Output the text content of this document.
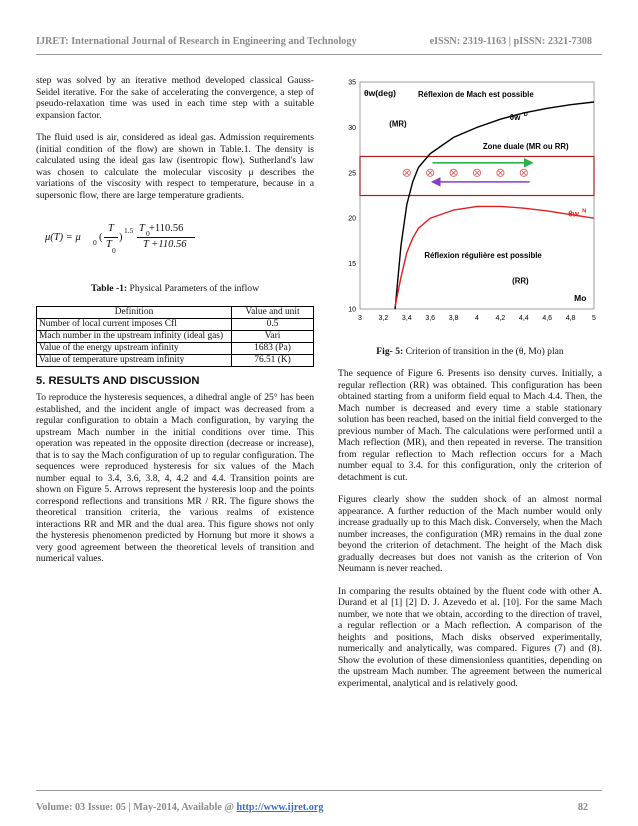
IJRET: International Journal of Research in Engineering and Technology	eISSN: 2319-1163 | pISSN: 2321-7308

step was solved by an iterative method developed classical Gauss-Seidel iterative. For the sake of accelerating the convergence, a step of pseudo-relaxation time was used in each time step with a suitable expansion factor.

The fluid used is air, considered as ideal gas. Admission requirements (initial condition of the flow) are shown in Table.1. The density is calculated using the ideal gas law (isentropic flow). Sutherland's law was chosen to calculate the molecular viscosity μ describes the variations of the viscosity with respect to temperature, because in a supersonic flow, there are large temperature gradients.

μ(T) = μ 0 (
T
T
0
)
1.5 T 0 +110.56
T +110.56
Table -1: Physical Parameters of the inflow
Definition	Value and unit
Number of local current imposes Cfl	0.5
Mach number in the upstream infinity (ideal gas)	Vari
Value of the energy upstream infinity	1683 (Pa)
Value of temperature upstream infinity	76.51 (K)
5. RESULTS AND DISCUSSION

To reproduce the hysteresis sequences, a dihedral angle of 25° has been established, and the incident angle of impact was decreased from a regular configuration to obtain a Mach configuration, by varying the upstream Mach number in the initial conditions over time. This operation was repeated in the opposite direction (decrease or increase), that is to say the Mach configuration of up to regular configuration. The sequences were reproduced hysteresis for six values of the Mach number equal to 3.4, 3.6, 3.8, 4, 4.2 and 4.4. Transition points are shown on Figure 5. Arrows represent the hysteresis loop and the points correspond reflections and transitions MR / RR. The figure shows the theoretical transition criteria, the various realms of existence interactions RR and MR and the dual area. This figure shows not only the hysteresis phenomenon predicted by Hornung but more it shows a very good agreement between the theoretical levels of transition and numerical values.

3 3,2 3,4 3,6 3,8 4 4,2 4,4 4,6 4,8 5
10
15
20
25
30
35
θw(deg)	Réflexion de Mach est possible
(MR)
θw D
Zone duale (MR ou RR)
θw N
Réflexion régulière est possible
(RR)
Mo
Fig- 5: Criterion of transition in the (θ, Mo) plan

The sequence of Figure 6. Presents iso density curves. Initially, a regular reflection (RR) was obtained. This configuration has been obtained starting from a uniform field equal to Mach 4.4. Then, the Mach number is decreased and every time a stable stationary solution has been reached, based on the initial field converged to the previous number of Mach. The calculations were performed until a Mach reflection (MR), and then repeated in reverse. The transition from regular reflection to Mach reflection occurs for a Mach number equal to 3.4. for this configuration, only the criterion of detachment is cut.

Figures clearly show the sudden shock of an almost normal appearance. A further reduction of the Mach number would only increase gradually up to this Mach disk. Conversely, when the Mach number increases, the configuration (MR) remains in the dual zone beyond the criterion of detachment. The height of the Mach disk gradually decreases but does not vanish as the criterion of Von Neumann is never reached.

In comparing the results obtained by the fluent code with other A. Durand et al [1] [2] D. J. Azevedo et al. [10]. For the same Mach number, we note that we obtain, according to the direction of travel, a regular reflection or a Mach reflection. A comparison of the heights and positions, Mach disks observed experimentally, numerically and analytically, was compared. Figures (7) and (8). Show the evolution of these dimensionless quantities, depending on the upstream Mach number. The agreement between the numerical experimental, analytical and is relatively good.

Volume: 03 Issue: 05 | May-2014, Available @ http://www.ijret.org	82
